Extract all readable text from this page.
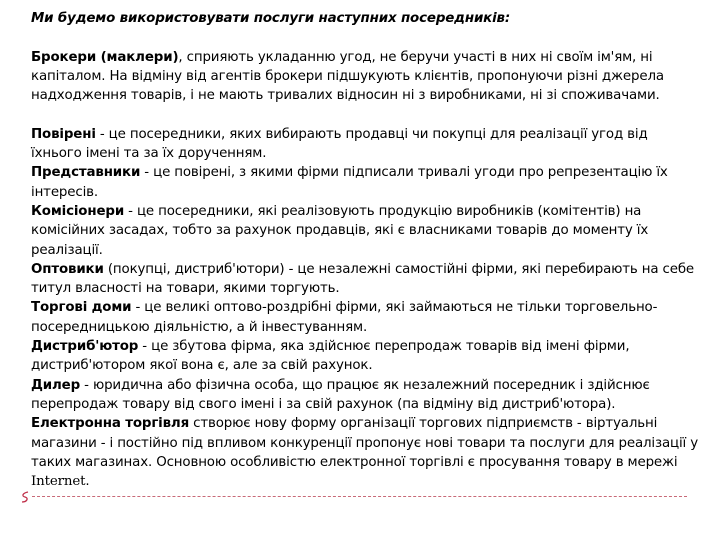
Ми будемо використовувати послуги наступних посередників:

Брокери (маклери), сприяють укладанню угод, не беручи участі в них ні своїм ім'ям, ні капіталом. На відміну від агентів брокери підшукують клієнтів, пропонуючи різні джерела надходження товарів, і не мають тривалих відносин ні з виробниками, ні зі споживачами.

Повірені - це посередники, яких вибирають продавці чи покупці для реалізації угод від їхнього імені та за їх дорученням.

Представники - це повірені, з якими фірми підписали тривалі угоди про репрезентацію їх інтересів.

Комісіонери - це посередники, які реалізовують продукцію виробників (комітентів) на комісійних засадах, тобто за рахунок продавців, які є власниками товарів до моменту їх реалізації.

Оптовики (покупці, дистриб'ютори) - це незалежні самостійні фірми, які перебирають на себе титул власності на товари, якими торгують.

Торгові доми - це великі оптово-роздрібні фірми, які займаються не тільки торговельно-посередницькою діяльністю, а й інвестуванням.

Дистриб'ютор - це збутова фірма, яка здійснює перепродаж товарів від імені фірми, дистриб'ютором якої вона є, але за свій рахунок.

Дилер - юридична або фізична особа, що працює як незалежний посередник і здійснює перепродаж товару від свого імені і за свій рахунок (па відміну від дистриб'ютора).

Електронна торгівля створює нову форму організації торгових підприємств - віртуальні магазини - і постійно під впливом конкуренції пропонує нові товари та послуги для реалізації у таких магазинах. Основною особливістю електронної торгівлі є просування товару в мережі Internet.
